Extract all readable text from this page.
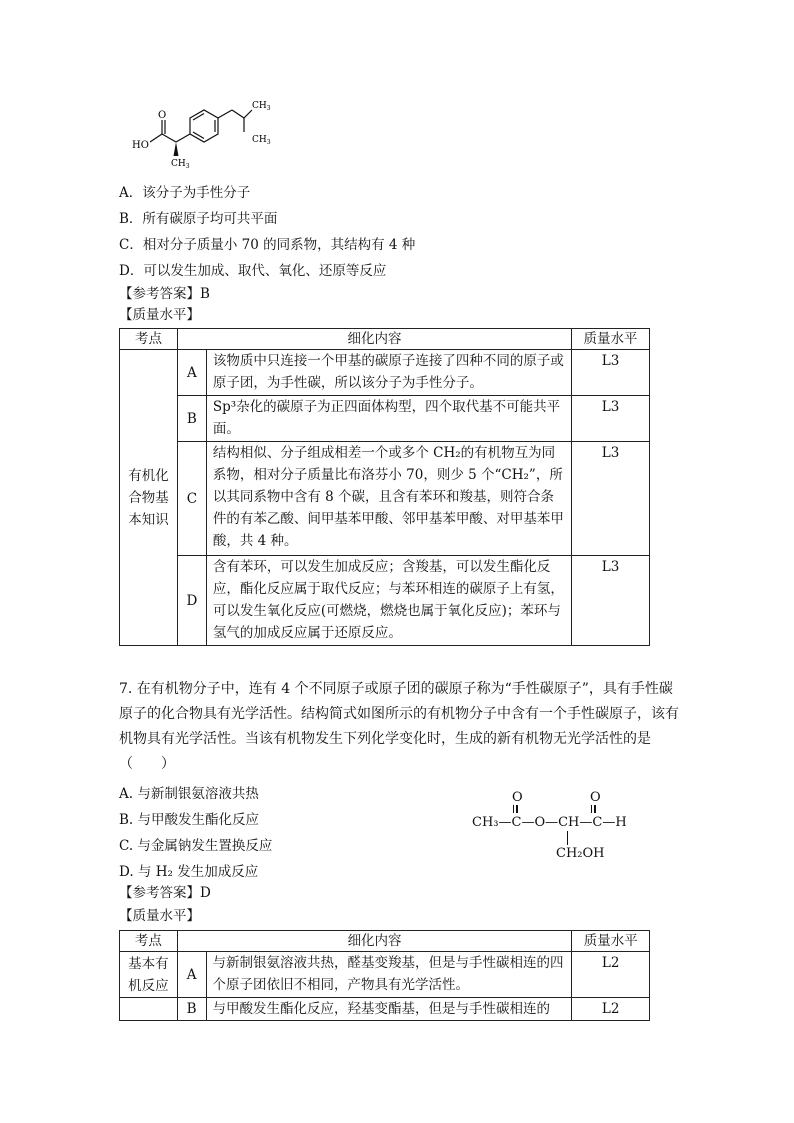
O
HO
$CH_3$
$CH_3$
$CH_3$
A．该分子为手性分子
B．所有碳原子均可共平面
C．相对分子质量小 70 的同系物，其结构有 4 种
D．可以发生加成、取代、氧化、还原等反应
【参考答案】B
【质量水平】
考点	细化内容		质量水平
有机化合物基本知识	A	该物质中只连接一个甲基的碳原子连接了四种不同的原子或原子团，为手性碳，所以该分子为手性分子。	L3
	B	Sp³杂化的碳原子为正四面体构型，四个取代基不可能共平面。	L3
	C	结构相似、分子组成相差一个或多个 CH₂的有机物互为同系物，相对分子质量比布洛芬小 70，则少 5 个“CH₂”，所以其同系物中含有 8 个碳，且含有苯环和羧基，则符合条件的有苯乙酸、间甲基苯甲酸、邻甲基苯甲酸、对甲基苯甲酸，共 4 种。	L3
	D	含有苯环，可以发生加成反应；含羧基，可以发生酯化反应，酯化反应属于取代反应；与苯环相连的碳原子上有氢，可以发生氧化反应(可燃烧，燃烧也属于氧化反应)；苯环与氢气的加成反应属于还原反应。	L3
7. 在有机物分子中，连有 4 个不同原子或原子团的碳原子称为“手性碳原子”，具有手性碳原子的化合物具有光学活性。结构简式如图所示的有机物分子中含有一个手性碳原子，该有机物具有光学活性。当该有机物发生下列化学变化时，生成的新有机物无光学活性的是
（　　）
A. 与新制银氨溶液共热
B. 与甲酸发生酯化反应
C. 与金属钠发生置换反应
D. 与 H₂ 发生加成反应
O	O
CH₃—C—O—CH—C—H
CH₂OH
【参考答案】D
【质量水平】
考点	细化内容		质量水平
基本有机反应	A	与新制银氨溶液共热，醛基变羧基，但是与手性碳相连的四个原子团依旧不相同，产物具有光学活性。	L2
	B	与甲酸发生酯化反应，羟基变酯基，但是与手性碳相连的	L2
